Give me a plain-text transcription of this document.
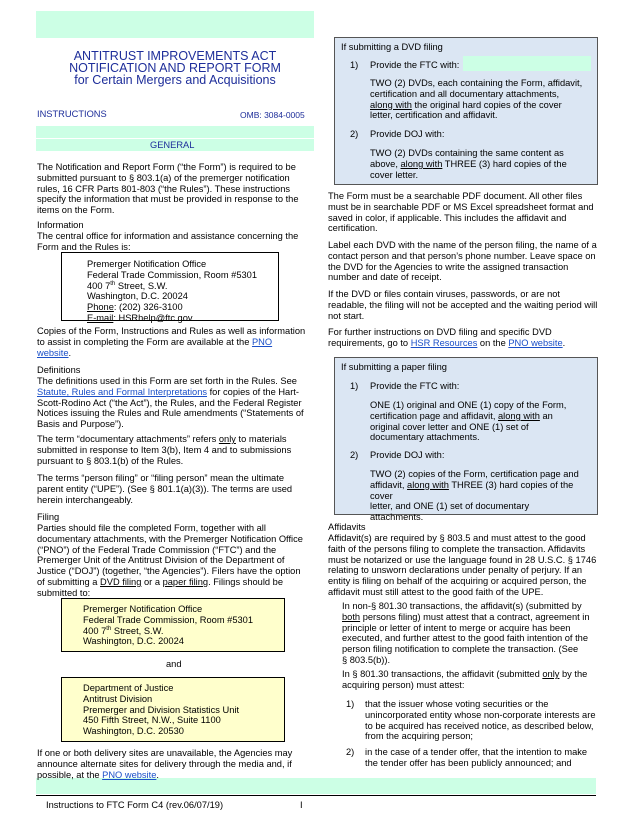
ANTITRUST IMPROVEMENTS ACT
NOTIFICATION AND REPORT FORM
for Certain Mergers and Acquisitions
INSTRUCTIONS	OMB: 3084-0005
GENERAL
The Notification and Report Form (“the Form”) is required to be
submitted pursuant to § 803.1(a) of the premerger notification
rules, 16 CFR Parts 801-803 (“the Rules”). These instructions
specify the information that must be provided in response to the
items on the Form.
Information
The central office for information and assistance concerning the
Form and the Rules is:
Premerger Notification Office
Federal Trade Commission, Room #5301
400 7th Street, S.W.
Washington, D.C. 20024
Phone: (202) 326-3100
E-mail: HSRhelp@ftc.gov
Copies of the Form, Instructions and Rules as well as information
to assist in completing the Form are available at the PNO
website.
Definitions
The definitions used in this Form are set forth in the Rules. See
Statute, Rules and Formal Interpretations for copies of the Hart-
Scott-Rodino Act (“the Act”), the Rules, and the Federal Register
Notices issuing the Rules and Rule amendments (“Statements of
Basis and Purpose”).
The term “documentary attachments” refers only to materials
submitted in response to Item 3(b), Item 4 and to submissions
pursuant to § 803.1(b) of the Rules.
The terms “person filing” or “filing person” mean the ultimate
parent entity (“UPE”). (See § 801.1(a)(3)). The terms are used
herein interchangeably.
Filing
Parties should file the completed Form, together with all
documentary attachments, with the Premerger Notification Office
(“PNO”) of the Federal Trade Commission (“FTC”) and the
Premerger Unit of the Antitrust Division of the Department of
Justice (“DOJ”) (together, “the Agencies”). Filers have the option
of submitting a DVD filing or a paper filing. Filings should be
submitted to:
Premerger Notification Office
Federal Trade Commission, Room #5301
400 7th Street, S.W.
Washington, D.C. 20024
and
Department of Justice
Antitrust Division
Premerger and Division Statistics Unit
450 Fifth Street, N.W., Suite 1100
Washington, D.C. 20530
If one or both delivery sites are unavailable, the Agencies may
announce alternate sites for delivery through the media and, if
possible, at the PNO website.
If submitting a DVD filing
1) Provide the FTC with:
TWO (2) DVDs, each containing the Form, affidavit,
certification and all documentary attachments,
along with the original hard copies of the cover
letter, certification and affidavit.
2) Provide DOJ with:
TWO (2) DVDs containing the same content as
above, along with THREE (3) hard copies of the
cover letter.
The Form must be a searchable PDF document. All other files
must be in searchable PDF or MS Excel spreadsheet format and
saved in color, if applicable. This includes the affidavit and
certification.
Label each DVD with the name of the person filing, the name of a
contact person and that person’s phone number. Leave space on
the DVD for the Agencies to write the assigned transaction
number and date of receipt.
If the DVD or files contain viruses, passwords, or are not
readable, the filing will not be accepted and the waiting period will
not start.
For further instructions on DVD filing and specific DVD
requirements, go to HSR Resources on the PNO website.
If submitting a paper filing
1) Provide the FTC with:
ONE (1) original and ONE (1) copy of the Form,
certification page and affidavit, along with an
original cover letter and ONE (1) set of
documentary attachments.
2) Provide DOJ with:
TWO (2) copies of the Form, certification page and
affidavit, along with THREE (3) hard copies of the cover
letter, and ONE (1) set of documentary
attachments.
Affidavits
Affidavit(s) are required by § 803.5 and must attest to the good
faith of the persons filing to complete the transaction. Affidavits
must be notarized or use the language found in 28 U.S.C. § 1746
relating to unsworn declarations under penalty of perjury. If an
entity is filing on behalf of the acquiring or acquired person, the
affidavit must still attest to the good faith of the UPE.
In non-§ 801.30 transactions, the affidavit(s) (submitted by
both persons filing) must attest that a contract, agreement in
principle or letter of intent to merge or acquire has been
executed, and further attest to the good faith intention of the
person filing notification to complete the transaction. (See
§ 803.5(b)).
In § 801.30 transactions, the affidavit (submitted only by the
acquiring person) must attest:
1) that the issuer whose voting securities or the
unincorporated entity whose non-corporate interests are
to be acquired has received notice, as described below,
from the acquiring person;
2) in the case of a tender offer, that the intention to make
the tender offer has been publicly announced; and
Instructions to FTC Form C4 (rev.06/07/19)	I
